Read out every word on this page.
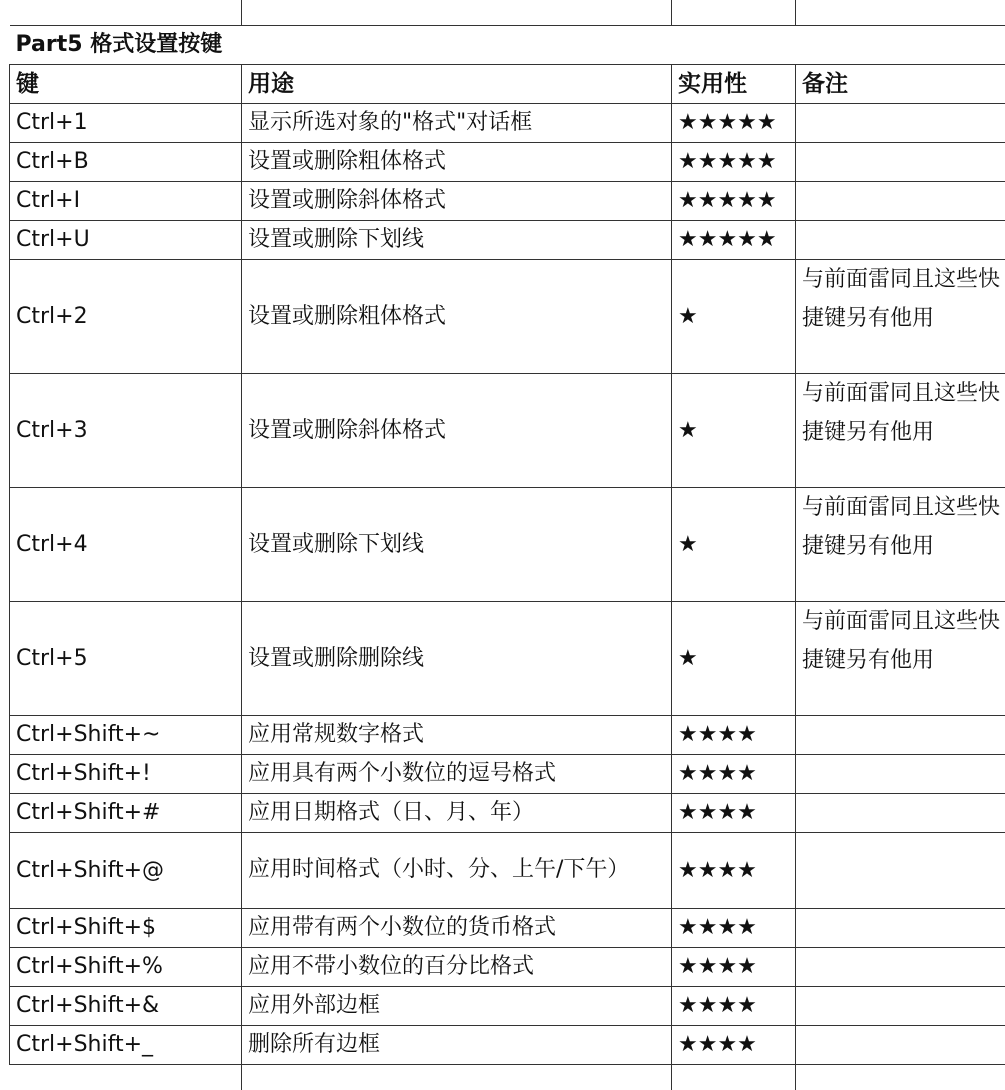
Part5 格式设置按键			
键	用途	实用性	备注
Ctrl+1	显示所选对象的"格式"对话框	★★★★★	
Ctrl+B	设置或删除粗体格式	★★★★★	
Ctrl+I	设置或删除斜体格式	★★★★★	
Ctrl+U	设置或删除下划线	★★★★★	
Ctrl+2	设置或删除粗体格式	★	与前面雷同且这些快捷键另有他用
Ctrl+3	设置或删除斜体格式	★	与前面雷同且这些快捷键另有他用
Ctrl+4	设置或删除下划线	★	与前面雷同且这些快捷键另有他用
Ctrl+5	设置或删除删除线	★	与前面雷同且这些快捷键另有他用
Ctrl+Shift+~	应用常规数字格式	★★★★	
Ctrl+Shift+!	应用具有两个小数位的逗号格式	★★★★	
Ctrl+Shift+#	应用日期格式（日、月、年）	★★★★	
Ctrl+Shift+@	应用时间格式（小时、分、上午/下午）	★★★★	
Ctrl+Shift+$	应用带有两个小数位的货币格式	★★★★	
Ctrl+Shift+%	应用不带小数位的百分比格式	★★★★	
Ctrl+Shift+&	应用外部边框	★★★★	
Ctrl+Shift+_	删除所有边框	★★★★	
